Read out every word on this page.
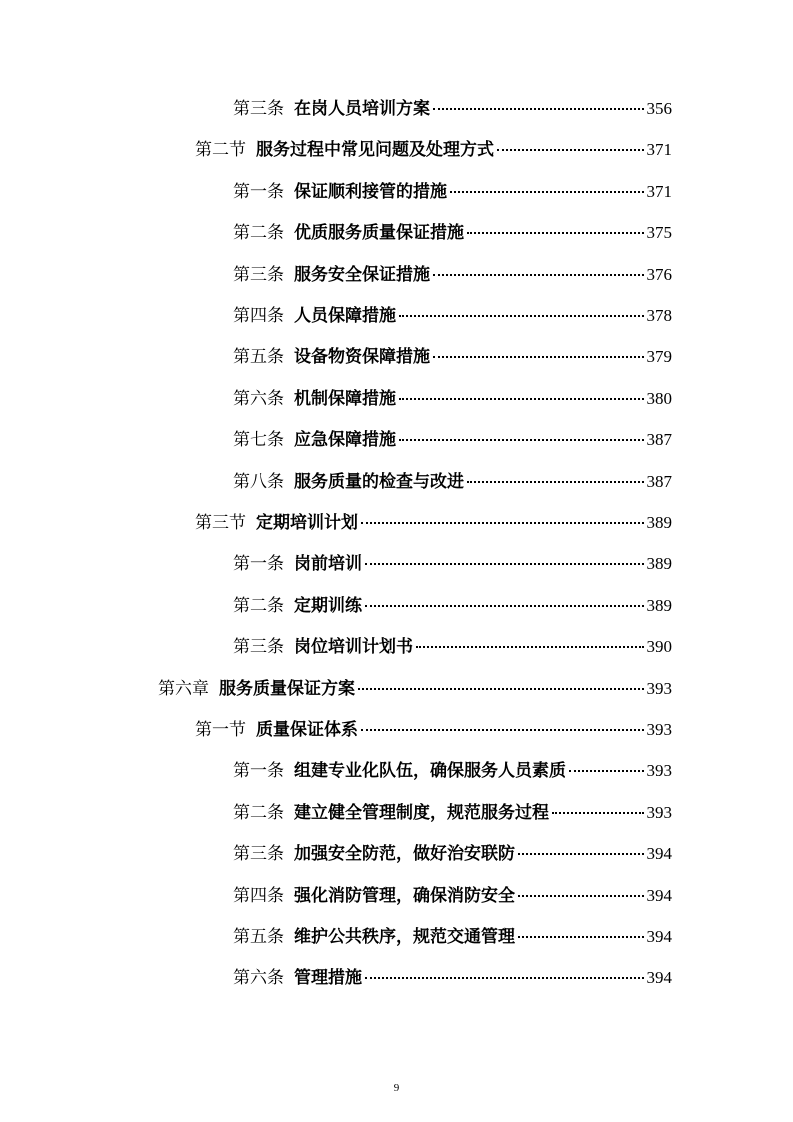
第三条 在岗人员培训方案	356
第二节 服务过程中常见问题及处理方式	371
第一条 保证顺利接管的措施	371
第二条 优质服务质量保证措施	375
第三条 服务安全保证措施	376
第四条 人员保障措施	378
第五条 设备物资保障措施	379
第六条 机制保障措施	380
第七条 应急保障措施	387
第八条 服务质量的检查与改进	387
第三节 定期培训计划	389
第一条 岗前培训	389
第二条 定期训练	389
第三条 岗位培训计划书	390
第六章 服务质量保证方案	393
第一节 质量保证体系	393
第一条 组建专业化队伍，确保服务人员素质	393
第二条 建立健全管理制度，规范服务过程	393
第三条 加强安全防范，做好治安联防	394
第四条 强化消防管理，确保消防安全	394
第五条 维护公共秩序，规范交通管理	394
第六条 管理措施	394
9
